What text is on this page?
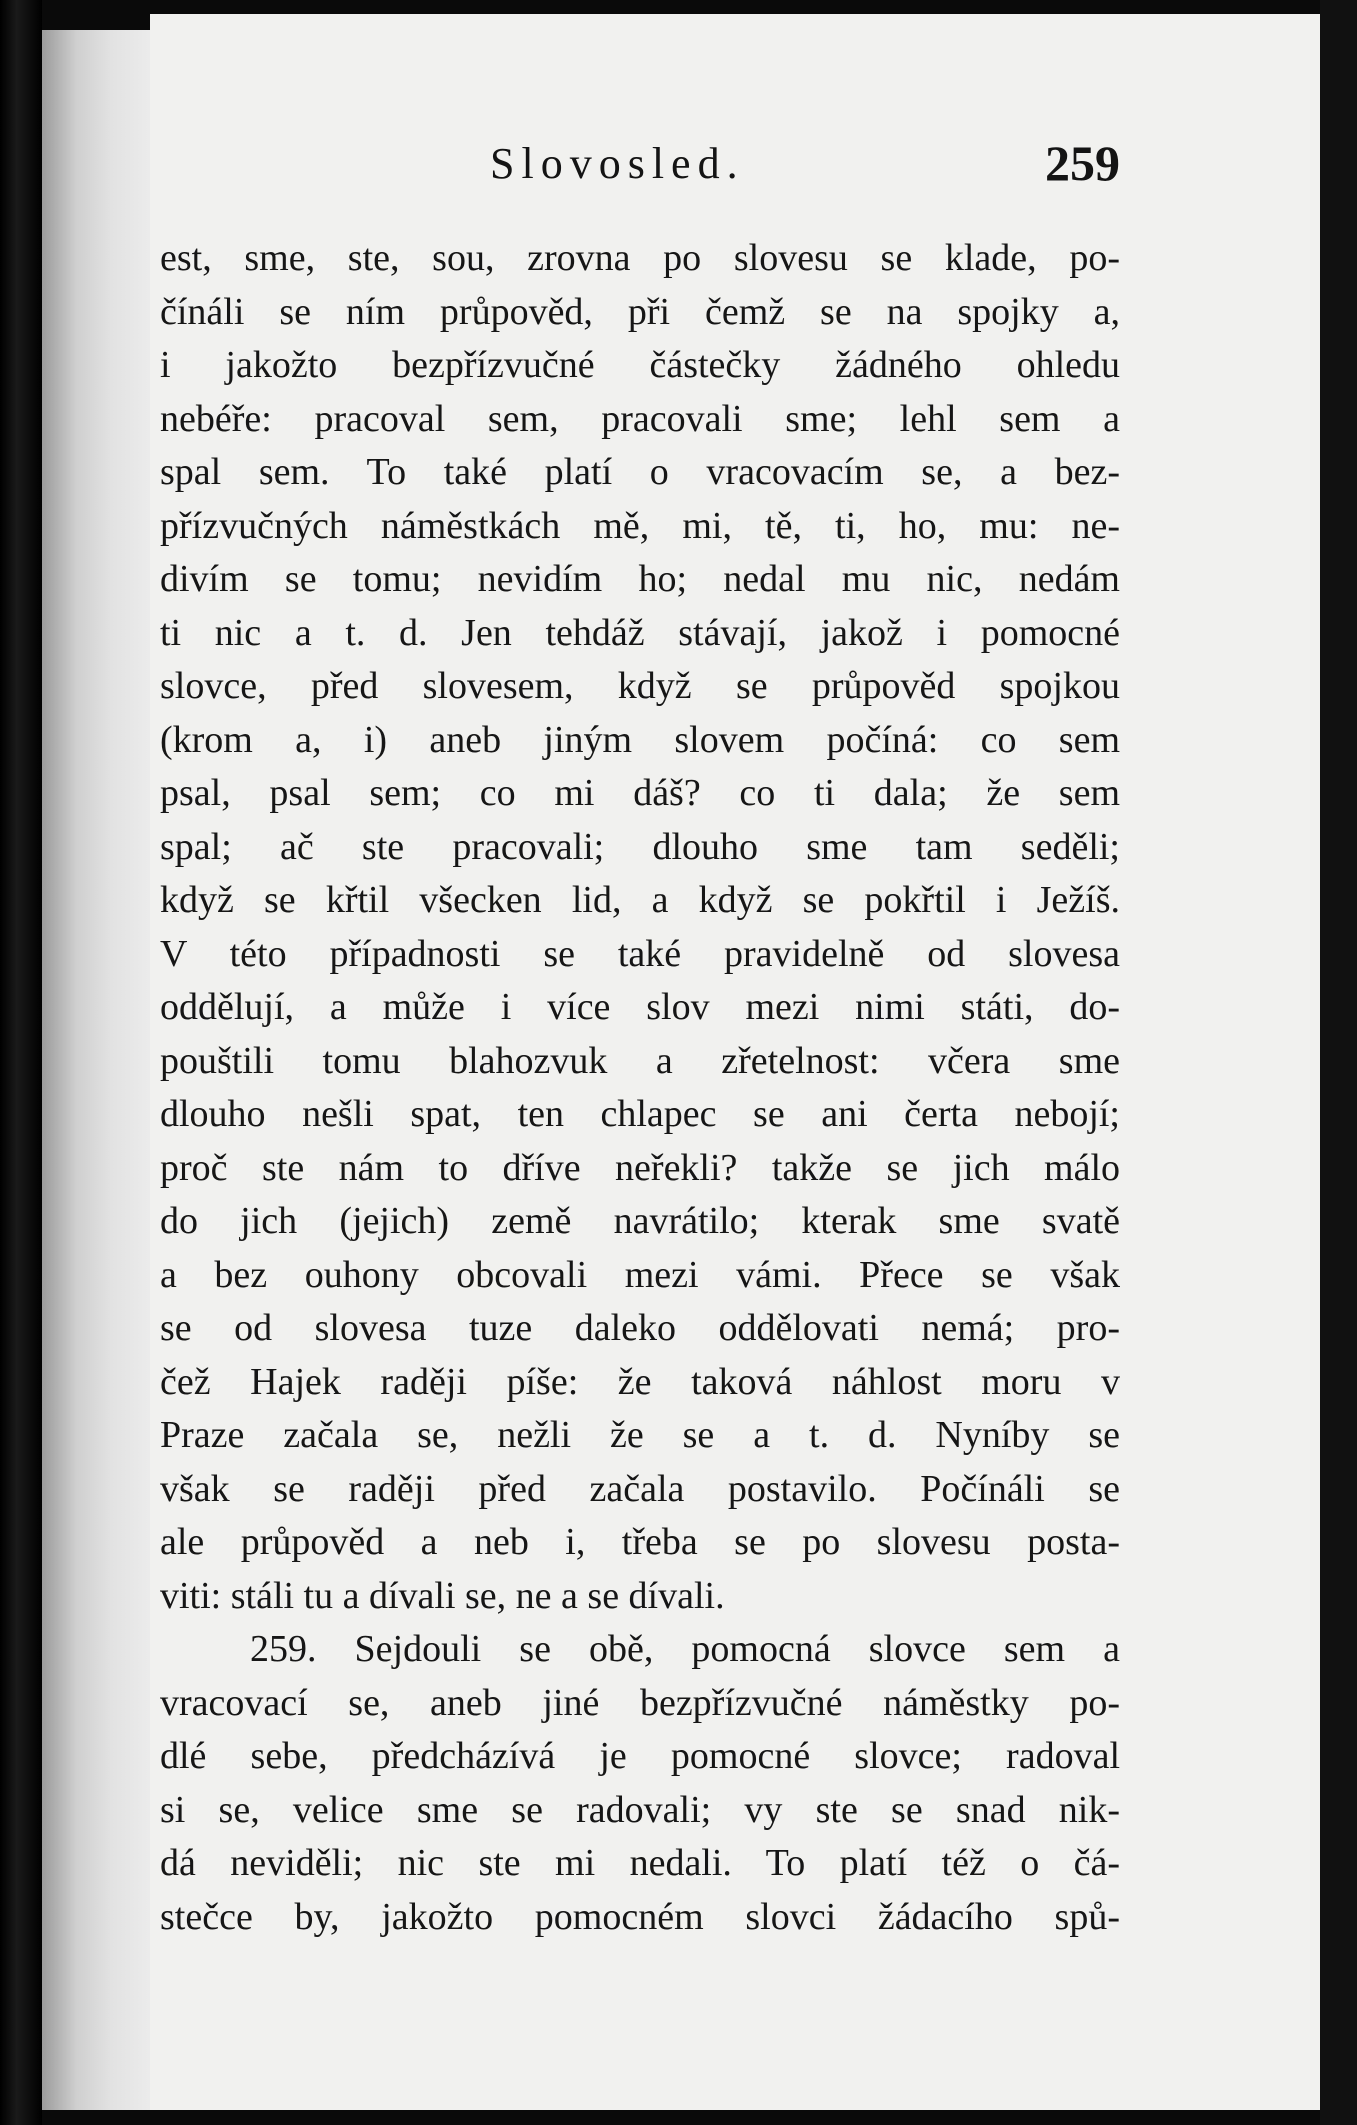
Slovosled.	259
est, sme, ste, sou, zrovna po slovesu se klade, po-
čínáli se ním průpověd, při čemž se na spojky a,
i jakožto bezpřízvučné částečky žádného ohledu
nebéře: pracoval sem, pracovali sme; lehl sem a
spal sem. To také platí o vracovacím se, a bez-
přízvučných náměstkách mě, mi, tě, ti, ho, mu: ne-
divím se tomu; nevidím ho; nedal mu nic, nedám
ti nic a t. d. Jen tehdáž stávají, jakož i pomocné
slovce, před slovesem, když se průpověd spojkou
(krom a, i) aneb jiným slovem počíná: co sem
psal, psal sem; co mi dáš? co ti dala; že sem
spal; ač ste pracovali; dlouho sme tam seděli;
když se křtil všecken lid, a když se pokřtil i Ježíš.
V této případnosti se také pravidelně od slovesa
oddělují, a může i více slov mezi nimi státi, do-
pouštili tomu blahozvuk a zřetelnost: včera sme
dlouho nešli spat, ten chlapec se ani čerta nebojí;
proč ste nám to dříve neřekli? takže se jich málo
do jich (jejich) země navrátilo; kterak sme svatě
a bez ouhony obcovali mezi vámi. Přece se však
se od slovesa tuze daleko oddělovati nemá; pro-
čež Hajek raději píše: že taková náhlost moru v
Praze začala se, nežli že se a t. d. Nyníby se
však se raději před začala postavilo. Počínáli se
ale průpověd a neb i, třeba se po slovesu posta-
viti: stáli tu a dívali se, ne a se dívali.
259. Sejdouli se obě, pomocná slovce sem a
vracovací se, aneb jiné bezpřízvučné náměstky po-
dlé sebe, předcházívá je pomocné slovce; radoval
si se, velice sme se radovali; vy ste se snad nik-
dá neviděli; nic ste mi nedali. To platí též o čá-
stečce by, jakožto pomocném slovci žádacího spů-
